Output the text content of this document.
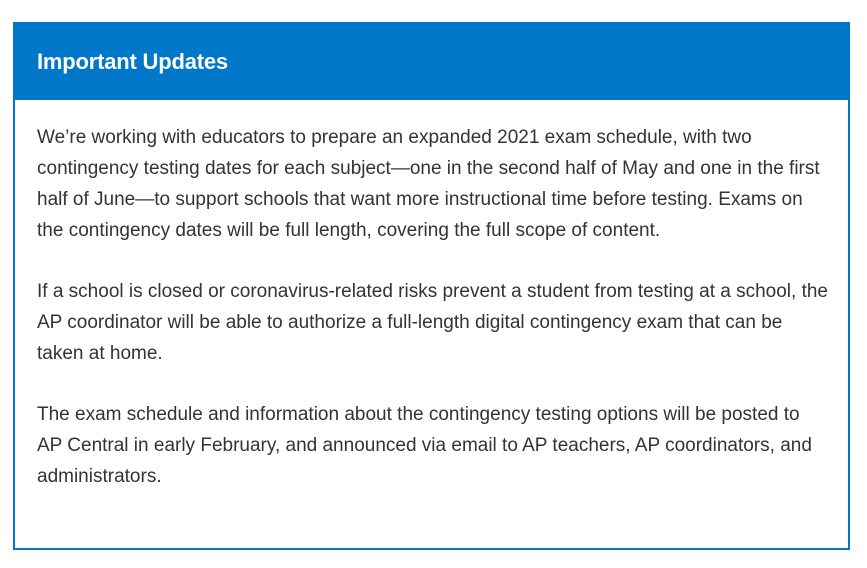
Important Updates

We’re working with educators to prepare an expanded 2021 exam schedule, with two contingency testing dates for each subject—one in the second half of May and one in the first half of June—to support schools that want more instructional time before testing. Exams on the contingency dates will be full length, covering the full scope of content.

If a school is closed or coronavirus-related risks prevent a student from testing at a school, the AP coordinator will be able to authorize a full-length digital contingency exam that can be taken at home.

The exam schedule and information about the contingency testing options will be posted to AP Central in early February, and announced via email to AP teachers, AP coordinators, and administrators.
